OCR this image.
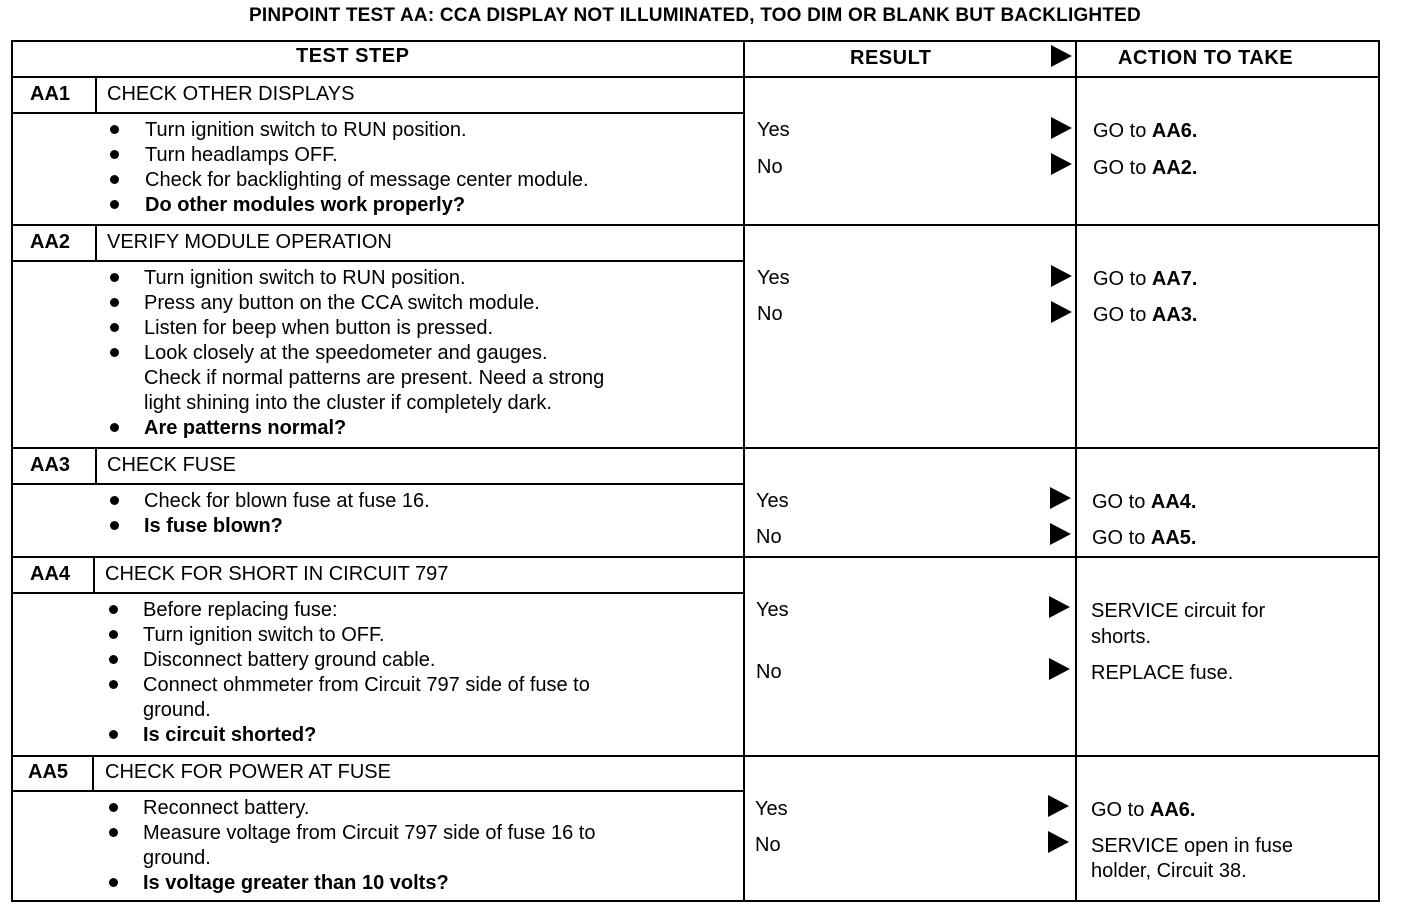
PINPOINT TEST AA: CCA DISPLAY NOT ILLUMINATED, TOO DIM OR BLANK BUT BACKLIGHTED
TEST STEP	RESULT	ACTION TO TAKE
AA1 CHECK OTHER DISPLAYS
Turn ignition switch to RUN position.
Turn headlamps OFF.
Check for backlighting of message center module.
Do other modules work properly?
Yes	GO to AA6.
No	GO to AA2.
AA2 VERIFY MODULE OPERATION
Turn ignition switch to RUN position.
Press any button on the CCA switch module.
Listen for beep when button is pressed.
Look closely at the speedometer and gauges.
Check if normal patterns are present. Need a strong
light shining into the cluster if completely dark.
Are patterns normal?
Yes	GO to AA7.
No	GO to AA3.
AA3 CHECK FUSE
Check for blown fuse at fuse 16.
Is fuse blown?
Yes	GO to AA4.
No	GO to AA5.
AA4 CHECK FOR SHORT IN CIRCUIT 797
Before replacing fuse:
Turn ignition switch to OFF.
Disconnect battery ground cable.
Connect ohmmeter from Circuit 797 side of fuse to
ground.
Is circuit shorted?
Yes	SERVICE circuit for
shorts.
No	REPLACE fuse.
AA5 CHECK FOR POWER AT FUSE
Reconnect battery.
Measure voltage from Circuit 797 side of fuse 16 to
ground.
Is voltage greater than 10 volts?
Yes	GO to AA6.
No	SERVICE open in fuse
holder, Circuit 38.
